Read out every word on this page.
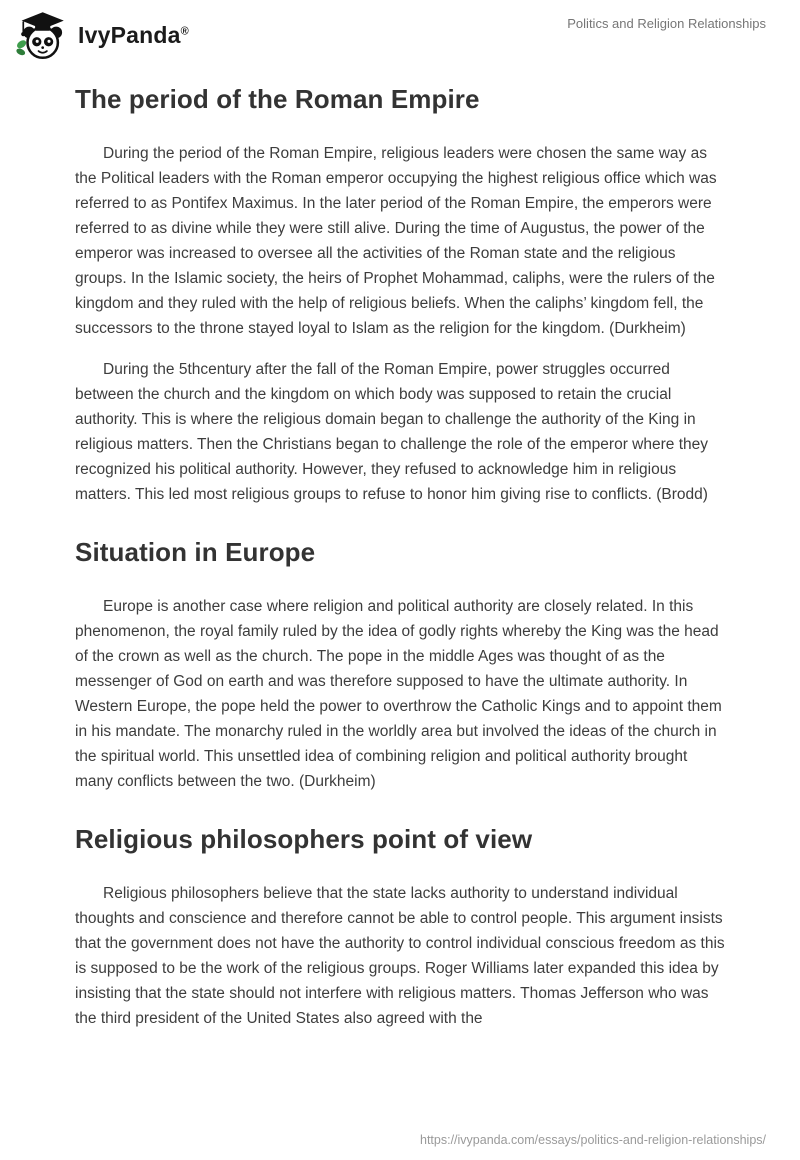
IvyPanda®	Politics and Religion Relationships
The period of the Roman Empire

During the period of the Roman Empire, religious leaders were chosen the same way as the Political leaders with the Roman emperor occupying the highest religious office which was referred to as Pontifex Maximus. In the later period of the Roman Empire, the emperors were referred to as divine while they were still alive. During the time of Augustus, the power of the emperor was increased to oversee all the activities of the Roman state and the religious groups. In the Islamic society, the heirs of Prophet Mohammad, caliphs, were the rulers of the kingdom and they ruled with the help of religious beliefs. When the caliphs’ kingdom fell, the successors to the throne stayed loyal to Islam as the religion for the kingdom. (Durkheim)

During the 5thcentury after the fall of the Roman Empire, power struggles occurred between the church and the kingdom on which body was supposed to retain the crucial authority. This is where the religious domain began to challenge the authority of the King in religious matters. Then the Christians began to challenge the role of the emperor where they recognized his political authority. However, they refused to acknowledge him in religious matters. This led most religious groups to refuse to honor him giving rise to conflicts. (Brodd)

Situation in Europe

Europe is another case where religion and political authority are closely related. In this phenomenon, the royal family ruled by the idea of godly rights whereby the King was the head of the crown as well as the church. The pope in the middle Ages was thought of as the messenger of God on earth and was therefore supposed to have the ultimate authority. In Western Europe, the pope held the power to overthrow the Catholic Kings and to appoint them in his mandate. The monarchy ruled in the worldly area but involved the ideas of the church in the spiritual world. This unsettled idea of combining religion and political authority brought many conflicts between the two. (Durkheim)

Religious philosophers point of view

Religious philosophers believe that the state lacks authority to understand individual thoughts and conscience and therefore cannot be able to control people. This argument insists that the government does not have the authority to control individual conscious freedom as this is supposed to be the work of the religious groups. Roger Williams later expanded this idea by insisting that the state should not interfere with religious matters. Thomas Jefferson who was the third president of the United States also agreed with the

https://ivypanda.com/essays/politics-and-religion-relationships/
